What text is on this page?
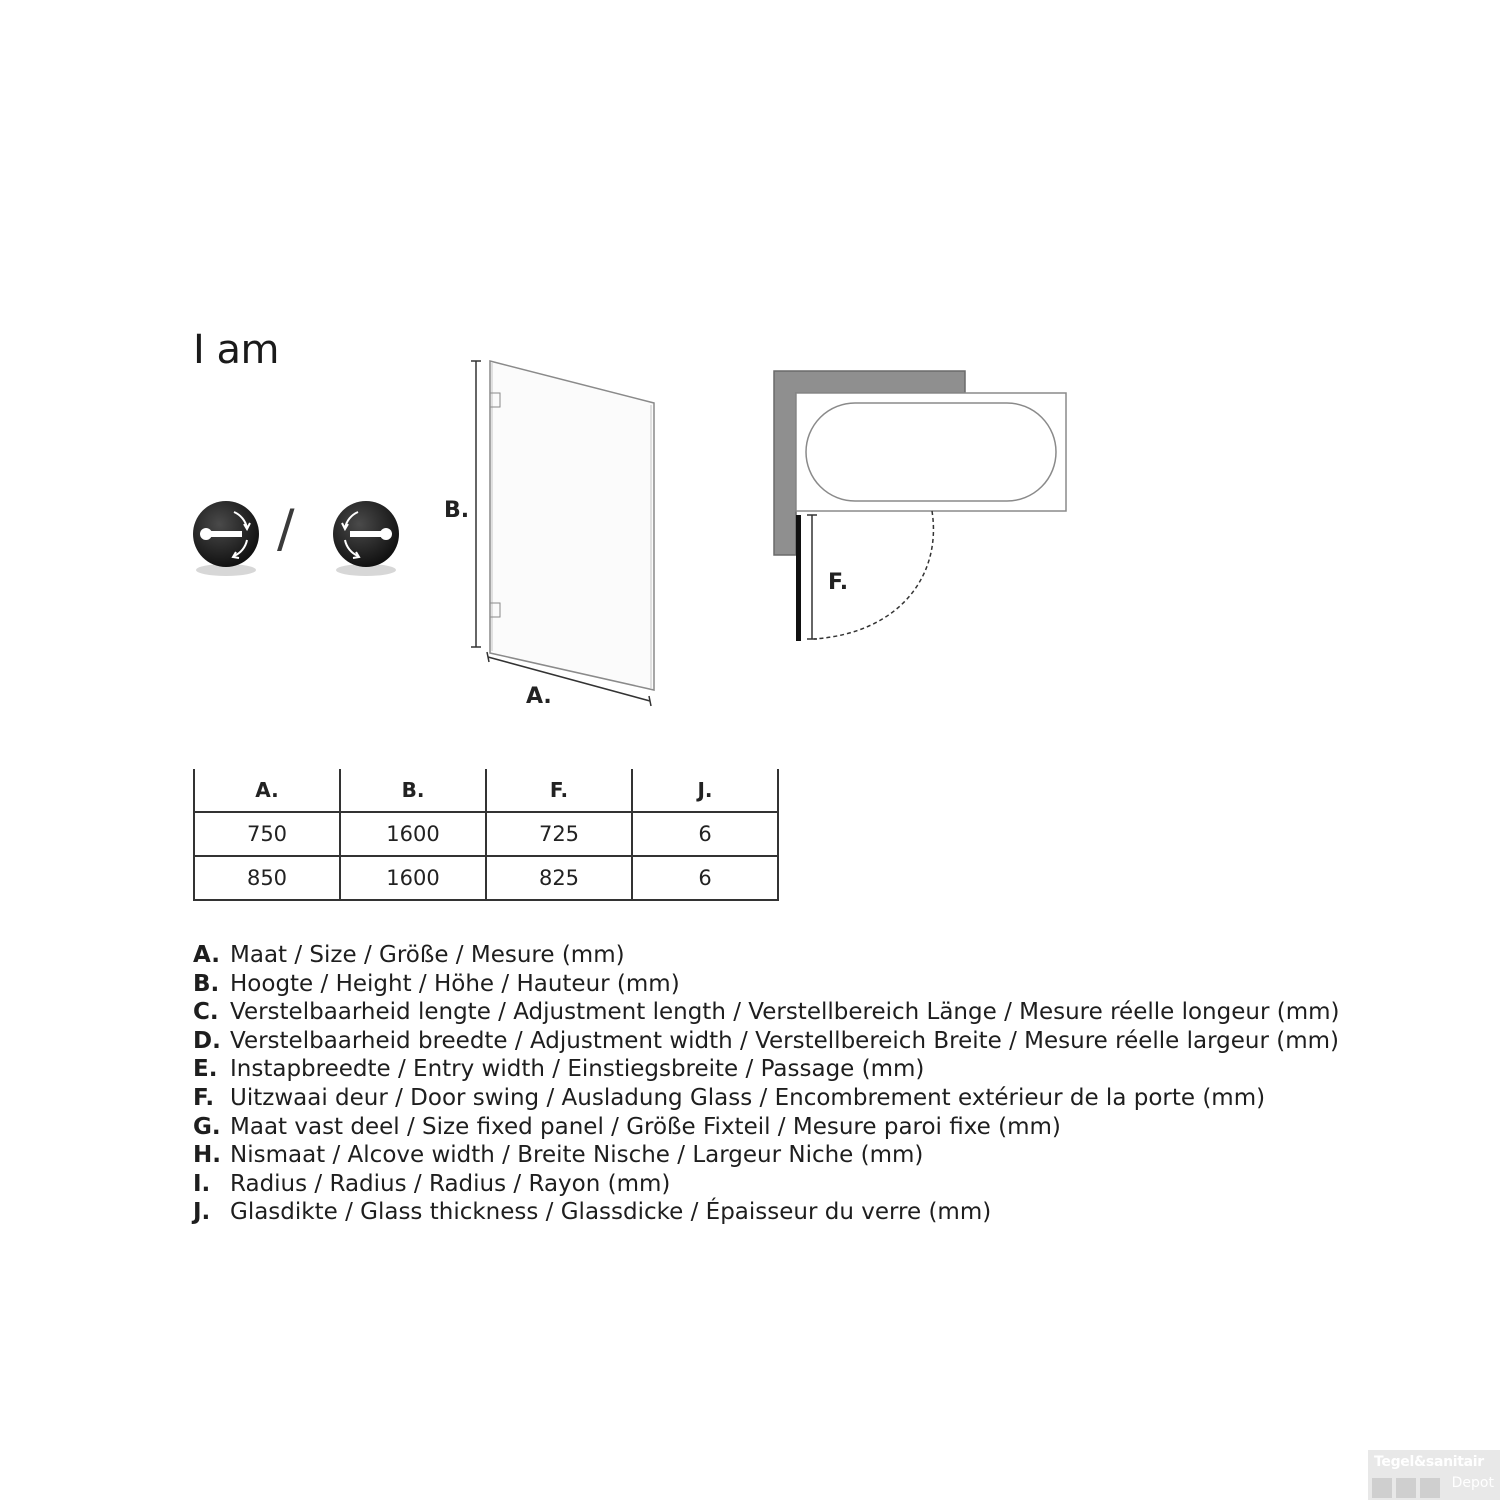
I am
/	B.
A.
F.
A.	B.	F.	J.
750	1600	725	6
850	1600	825	6
A. Maat / Size / Größe / Mesure (mm)
B. Hoogte / Height / Höhe / Hauteur (mm)
C. Verstelbaarheid lengte / Adjustment length / Verstellbereich Länge / Mesure réelle longeur (mm)
D. Verstelbaarheid breedte / Adjustment width / Verstellbereich Breite / Mesure réelle largeur (mm)
E. Instapbreedte / Entry width / Einstiegsbreite / Passage (mm)
F. Uitzwaai deur / Door swing / Ausladung Glass / Encombrement extérieur de la porte (mm)
G. Maat vast deel / Size fixed panel / Größe Fixteil / Mesure paroi fixe (mm)
H. Nismaat / Alcove width / Breite Nische / Largeur Niche (mm)
I. Radius / Radius / Radius / Rayon (mm)
J. Glasdikte / Glass thickness / Glassdicke / Épaisseur du verre (mm)
Tegel&sanitair
Depot
